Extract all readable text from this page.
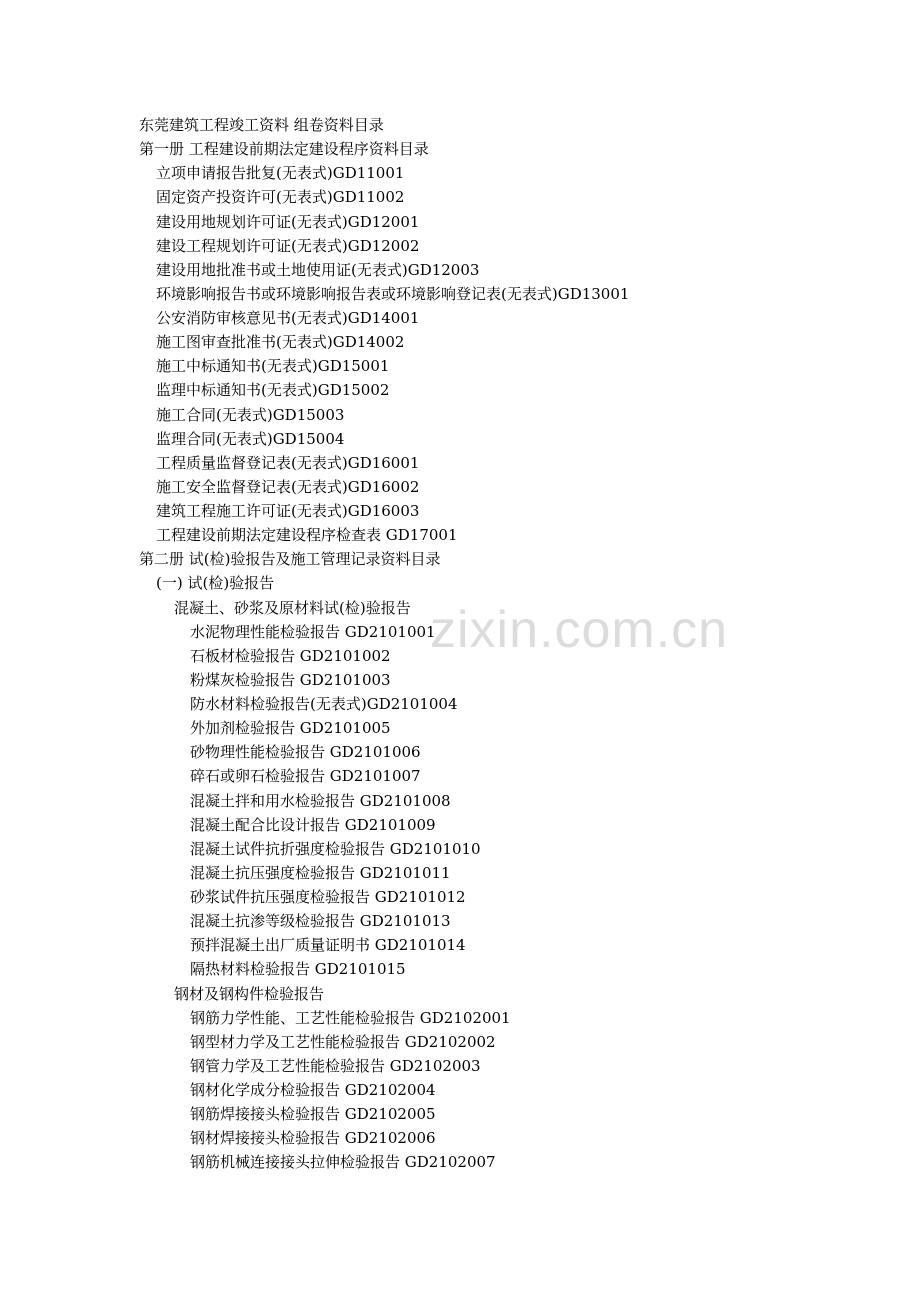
zixin.com.cn
东莞建筑工程竣工资料 组卷资料目录
第一册 工程建设前期法定建设程序资料目录
立项申请报告批复(无表式)GD11001
固定资产投资许可(无表式)GD11002
建设用地规划许可证(无表式)GD12001
建设工程规划许可证(无表式)GD12002
建设用地批准书或土地使用证(无表式)GD12003
环境影响报告书或环境影响报告表或环境影响登记表(无表式)GD13001
公安消防审核意见书(无表式)GD14001
施工图审查批准书(无表式)GD14002
施工中标通知书(无表式)GD15001
监理中标通知书(无表式)GD15002
施工合同(无表式)GD15003
监理合同(无表式)GD15004
工程质量监督登记表(无表式)GD16001
施工安全监督登记表(无表式)GD16002
建筑工程施工许可证(无表式)GD16003
工程建设前期法定建设程序检查表 GD17001
第二册 试(检)验报告及施工管理记录资料目录
(一) 试(检)验报告
混凝土、砂浆及原材料试(检)验报告
水泥物理性能检验报告 GD2101001
石板材检验报告 GD2101002
粉煤灰检验报告 GD2101003
防水材料检验报告(无表式)GD2101004
外加剂检验报告 GD2101005
砂物理性能检验报告 GD2101006
碎石或卵石检验报告 GD2101007
混凝土拌和用水检验报告 GD2101008
混凝土配合比设计报告 GD2101009
混凝土试件抗折强度检验报告 GD2101010
混凝土抗压强度检验报告 GD2101011
砂浆试件抗压强度检验报告 GD2101012
混凝土抗渗等级检验报告 GD2101013
预拌混凝土出厂质量证明书 GD2101014
隔热材料检验报告 GD2101015
钢材及钢构件检验报告
钢筋力学性能、工艺性能检验报告 GD2102001
钢型材力学及工艺性能检验报告 GD2102002
钢管力学及工艺性能检验报告 GD2102003
钢材化学成分检验报告 GD2102004
钢筋焊接接头检验报告 GD2102005
钢材焊接接头检验报告 GD2102006
钢筋机械连接接头拉伸检验报告 GD2102007
